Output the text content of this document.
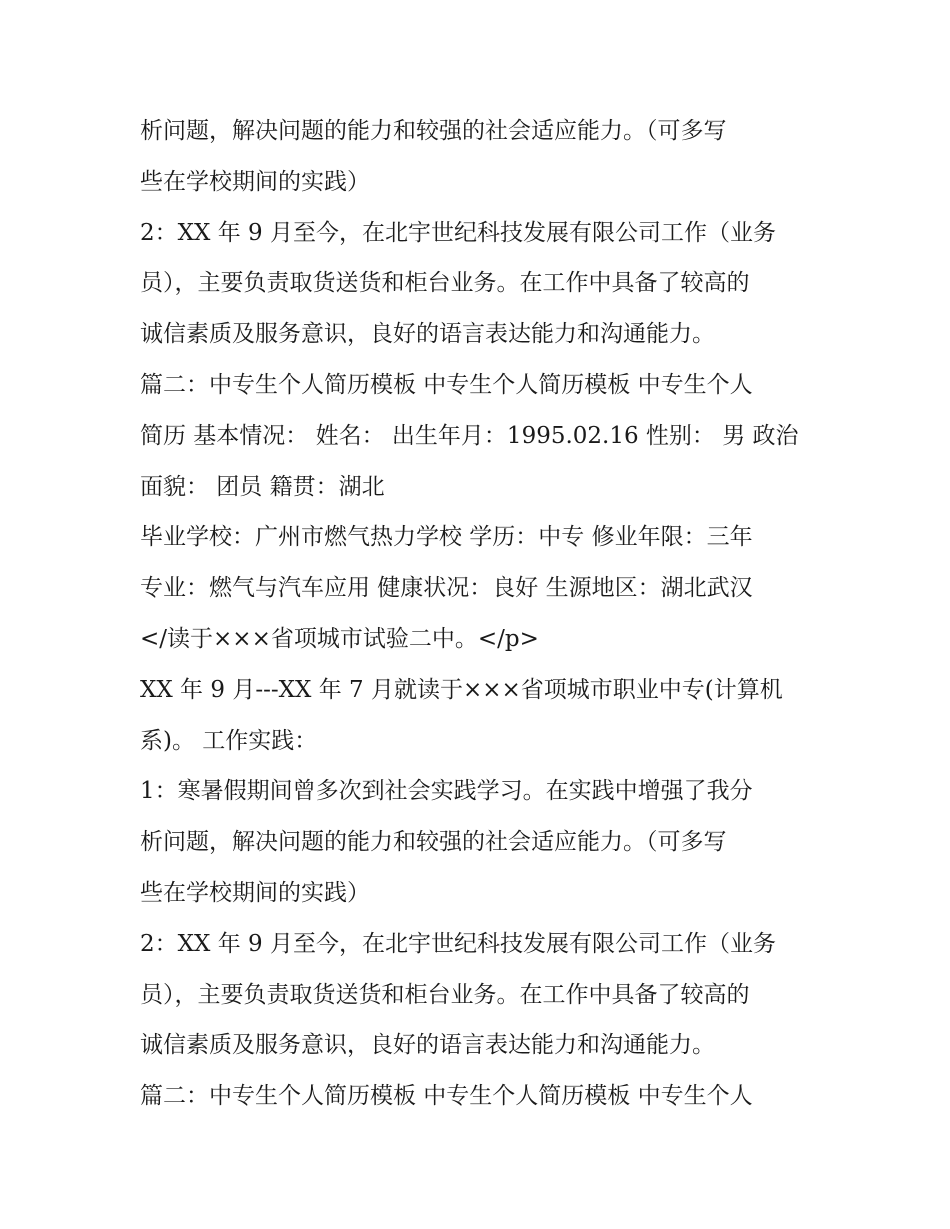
析问题，解决问题的能力和较强的社会适应能力。（可多写
些在学校期间的实践）
2：XX 年 9 月至今，在北宇世纪科技发展有限公司工作（业务
员），主要负责取货送货和柜台业务。在工作中具备了较高的
诚信素质及服务意识，良好的语言表达能力和沟通能力。
篇二：中专生个人简历模板 中专生个人简历模板 中专生个人
简历 基本情况： 姓名： 出生年月：1995.02.16 性别： 男 政治
面貌： 团员 籍贯：湖北
毕业学校：广州市燃气热力学校 学历：中专 修业年限：三年
专业：燃气与汽车应用 健康状况：良好 生源地区：湖北武汉
</读于×××省项城市试验二中。</p>
XX 年 9 月---XX 年 7 月就读于×××省项城市职业中专(计算机
系)。 工作实践：
1：寒暑假期间曾多次到社会实践学习。在实践中增强了我分
析问题，解决问题的能力和较强的社会适应能力。（可多写
些在学校期间的实践）
2：XX 年 9 月至今，在北宇世纪科技发展有限公司工作（业务
员），主要负责取货送货和柜台业务。在工作中具备了较高的
诚信素质及服务意识，良好的语言表达能力和沟通能力。
篇二：中专生个人简历模板 中专生个人简历模板 中专生个人
